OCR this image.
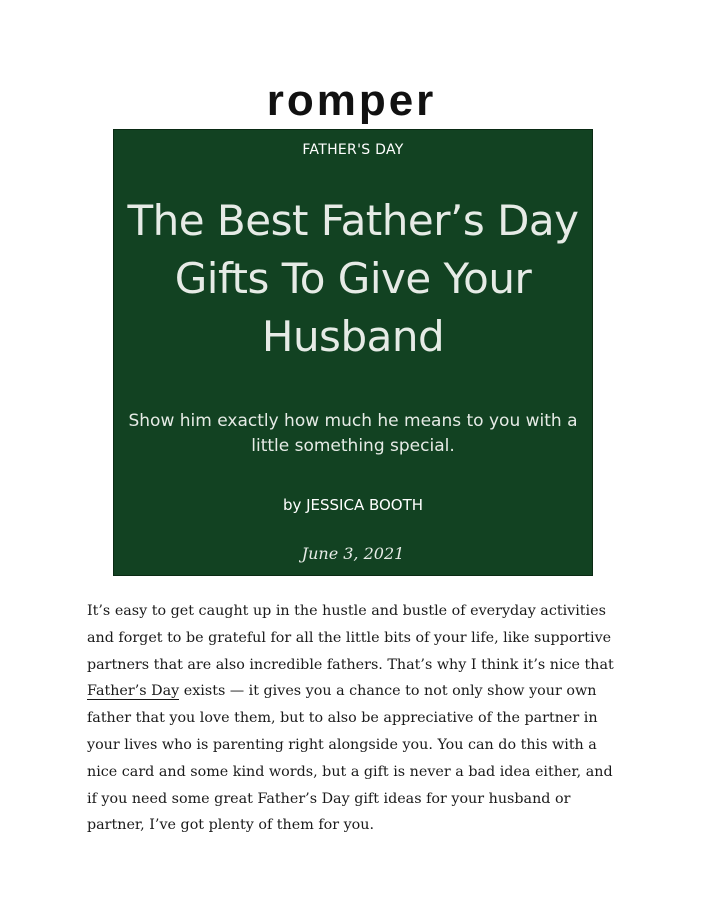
romper
FATHER'S DAY
The Best Father’s Day
Gifts To Give Your
Husband
Show him exactly how much he means to you with a little something special.
by JESSICA BOOTH
June 3, 2021

It’s easy to get caught up in the hustle and bustle of everyday activities and forget to be grateful for all the little bits of your life, like supportive partners that are also incredible fathers. That’s why I think it’s nice that Father’s Day exists — it gives you a chance to not only show your own father that you love them, but to also be appreciative of the partner in your lives who is parenting right alongside you. You can do this with a nice card and some kind words, but a gift is never a bad idea either, and if you need some great Father’s Day gift ideas for your husband or partner, I’ve got plenty of them for you.
